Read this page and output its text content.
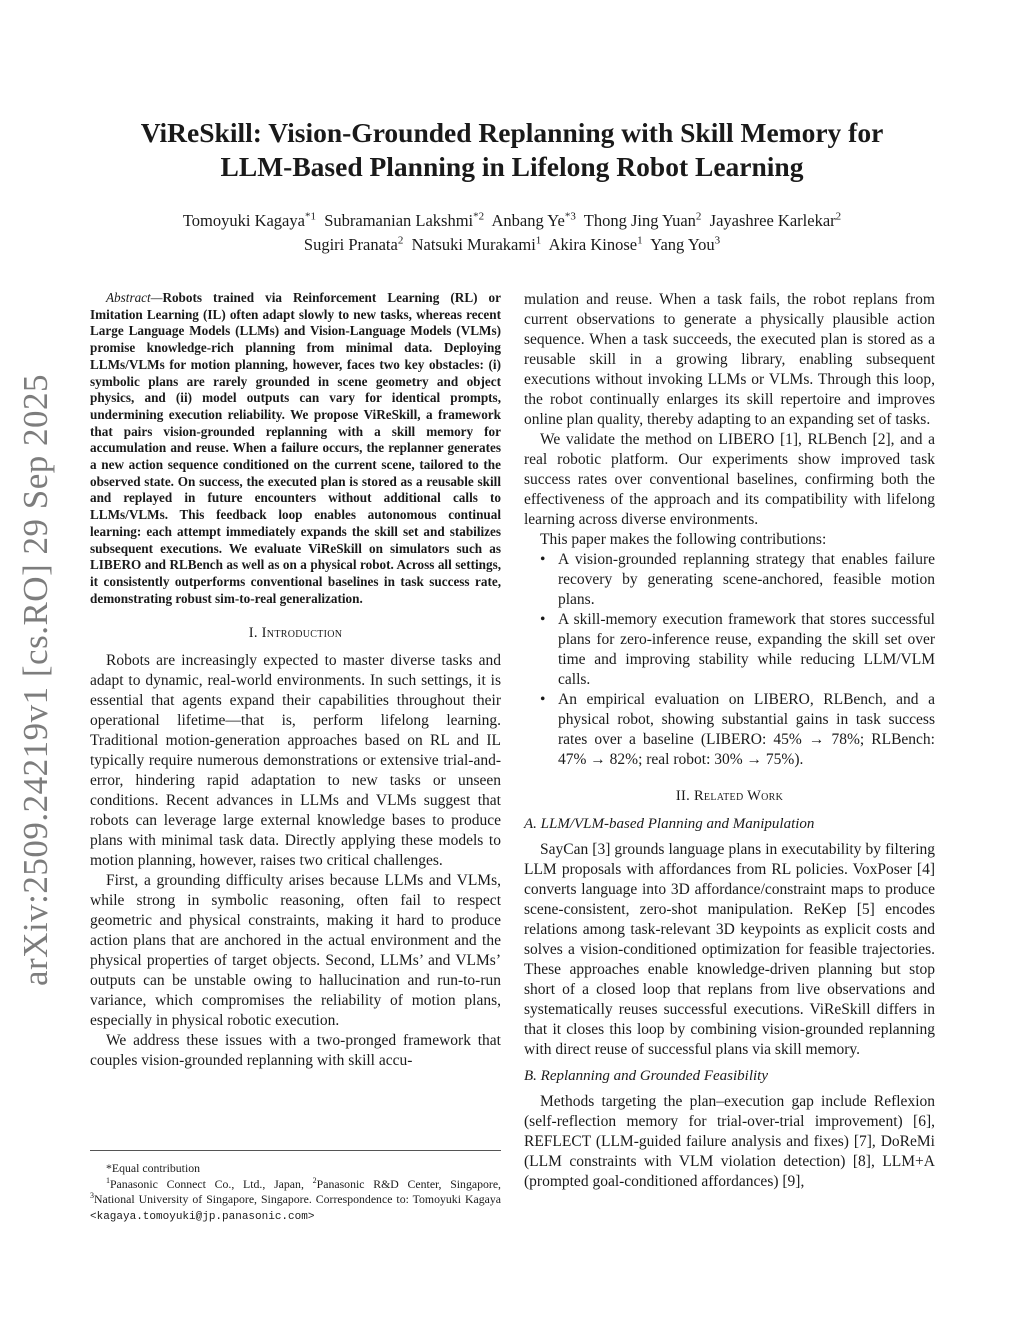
arXiv:2509.24219v1 [cs.RO] 29 Sep 2025
ViReSkill: Vision-Grounded Replanning with Skill Memory for
LLM-Based Planning in Lifelong Robot Learning
Tomoyuki Kagaya$^{*1}$ Subramanian Lakshmi$^{*2}$ Anbang Ye$^{*3}$ Thong Jing Yuan$^2$ Jayashree Karlekar$^2$
Sugiri Pranata$^2$ Natsuki Murakami$^1$ Akira Kinose$^1$ Yang You$^3$

Abstract—Robots trained via Reinforcement Learning (RL) or Imitation Learning (IL) often adapt slowly to new tasks, whereas recent Large Language Models (LLMs) and Vision-Language Models (VLMs) promise knowledge-rich planning from minimal data. Deploying LLMs/VLMs for motion planning, however, faces two key obstacles: (i) symbolic plans are rarely grounded in scene geometry and object physics, and (ii) model outputs can vary for identical prompts, undermining execution reliability. We propose ViReSkill, a framework that pairs vision-grounded replanning with a skill memory for accumulation and reuse. When a failure occurs, the replanner generates a new action sequence conditioned on the current scene, tailored to the observed state. On success, the executed plan is stored as a reusable skill and replayed in future encounters without additional calls to LLMs/VLMs. This feedback loop enables autonomous continual learning: each attempt immediately expands the skill set and stabilizes subsequent executions. We evaluate ViReSkill on simulators such as LIBERO and RLBench as well as on a physical robot. Across all settings, it consistently outperforms conventional baselines in task success rate, demonstrating robust sim-to-real generalization.

I. Introduction

Robots are increasingly expected to master diverse tasks and adapt to dynamic, real-world environments. In such settings, it is essential that agents expand their capabilities throughout their operational lifetime—that is, perform lifelong learning. Traditional motion-generation approaches based on RL and IL typically require numerous demonstrations or extensive trial-and-error, hindering rapid adaptation to new tasks or unseen conditions. Recent advances in LLMs and VLMs suggest that robots can leverage large external knowledge bases to produce plans with minimal task data. Directly applying these models to motion planning, however, raises two critical challenges.

First, a grounding difficulty arises because LLMs and VLMs, while strong in symbolic reasoning, often fail to respect geometric and physical constraints, making it hard to produce action plans that are anchored in the actual environment and the physical properties of target objects. Second, LLMs’ and VLMs’ outputs can be unstable owing to hallucination and run-to-run variance, which compromises the reliability of motion plans, especially in physical robotic execution.

We address these issues with a two-pronged framework that couples vision-grounded replanning with skill accu-

*Equal contribution

$^1$Panasonic Connect Co., Ltd., Japan, $^2$Panasonic R&D Center, Singapore, $^3$National University of Singapore, Singapore. Correspondence to: Tomoyuki Kagaya <kagaya.tomoyuki@jp.panasonic.com>

mulation and reuse. When a task fails, the robot replans from current observations to generate a physically plausible action sequence. When a task succeeds, the executed plan is stored as a reusable skill in a growing library, enabling subsequent executions without invoking LLMs or VLMs. Through this loop, the robot continually enlarges its skill repertoire and improves online plan quality, thereby adapting to an expanding set of tasks.

We validate the method on LIBERO [1], RLBench [2], and a real robotic platform. Our experiments show improved task success rates over conventional baselines, confirming both the effectiveness of the approach and its compatibility with lifelong learning across diverse environments.

This paper makes the following contributions:

• A vision-grounded replanning strategy that enables failure recovery by generating scene-anchored, feasible motion plans.
• A skill-memory execution framework that stores successful plans for zero-inference reuse, expanding the skill set over time and improving stability while reducing LLM/VLM calls.
• An empirical evaluation on LIBERO, RLBench, and a physical robot, showing substantial gains in task success rates over a baseline (LIBERO: 45% → 78%; RLBench: 47% → 82%; real robot: 30% → 75%).
II. Related Work
A. LLM/VLM-based Planning and Manipulation

SayCan [3] grounds language plans in executability by filtering LLM proposals with affordances from RL policies. VoxPoser [4] converts language into 3D affordance/constraint maps to produce scene-consistent, zero-shot manipulation. ReKep [5] encodes relations among task-relevant 3D keypoints as explicit costs and solves a vision-conditioned optimization for feasible trajectories. These approaches enable knowledge-driven planning but stop short of a closed loop that replans from live observations and systematically reuses successful executions. ViReSkill differs in that it closes this loop by combining vision-grounded replanning with direct reuse of successful plans via skill memory.

B. Replanning and Grounded Feasibility

Methods targeting the plan–execution gap include Reflexion (self-reflection memory for trial-over-trial improvement) [6], REFLECT (LLM-guided failure analysis and fixes) [7], DoReMi (LLM constraints with VLM violation detection) [8], LLM+A (prompted goal-conditioned affordances) [9],
